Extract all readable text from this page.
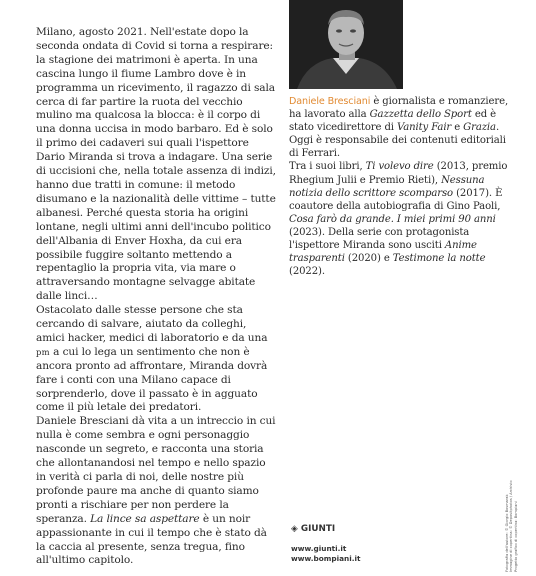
Milano, agosto 2021. Nell'estate dopo la seconda ondata di Covid si torna a respirare: la stagione dei matrimoni è aperta. In una cascina lungo il fiume Lambro dove è in programma un ricevimento, il ragazzo di sala cerca di far partire la ruota del vecchio mulino ma qualcosa la blocca: è il corpo di una donna uccisa in modo barbaro. Ed è solo il primo dei cadaveri sui quali l'ispettore Dario Miranda si trova a indagare. Una serie di uccisioni che, nella totale assenza di indizi, hanno due tratti in comune: il metodo disumano e la nazionalità delle vittime – tutte albanesi. Perché questa storia ha origini lontane, negli ultimi anni dell'incubo politico dell'Albania di Enver Hoxha, da cui era possibile fuggire soltanto mettendo a repentaglio la propria vita, via mare o attraversando montagne selvagge abitate dalle linci…

Ostacolato dalle stesse persone che sta cercando di salvare, aiutato da colleghi, amici hacker, medici di laboratorio e da una pm a cui lo lega un sentimento che non è ancora pronto ad affrontare, Miranda dovrà fare i conti con una Milano capace di sorprenderlo, dove il passato è in agguato come il più letale dei predatori.

Daniele Bresciani dà vita a un intreccio in cui nulla è come sembra e ogni personaggio nasconde un segreto, e racconta una storia che allontanandosi nel tempo e nello spazio in verità ci parla di noi, delle nostre più profonde paure ma anche di quanto siamo pronti a rischiare per non perdere la speranza. La lince sa aspettare è un noir appassionante in cui il tempo che è stato dà la caccia al presente, senza tregua, fino all'ultimo capitolo.

Daniele Bresciani è giornalista e romanziere, ha lavorato alla Gazzetta dello Sport ed è stato vicedirettore di Vanity Fair e Grazia. Oggi è responsabile dei contenuti editoriali di Ferrari.

Tra i suoi libri, Ti volevo dire (2013, premio Rhegium Julii e Premio Rieti), Nessuna notizia dello scrittore scomparso (2017). È coautore della autobiografia di Gino Paoli, Cosa farò da grande. I miei primi 90 anni (2023). Della serie con protagonista l'ispettore Miranda sono usciti Anime trasparenti (2020) e Testimone la notte (2022).

◈ GIUNTI
www.giunti.it
www.bompiani.it	Fotografia dell'autore: © Giorgio Bosmarak Immagine di copertina: © Depositphotos / Archivio Progetto grafico di copertina: Bompiani
